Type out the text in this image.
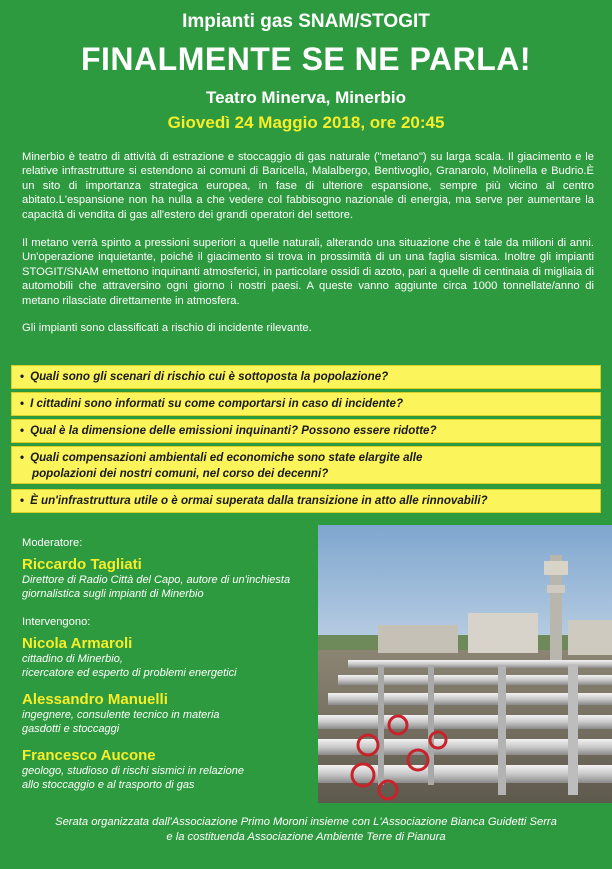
Impianti gas SNAM/STOGIT
FINALMENTE SE NE PARLA!
Teatro Minerva, Minerbio
Giovedì 24 Maggio 2018, ore 20:45

Minerbio è teatro di attività di estrazione e stoccaggio di gas naturale ("metano") su larga scala. Il giacimento e le relative infrastrutture si estendono ai comuni di Baricella, Malalbergo, Bentivoglio, Granarolo, Molinella e Budrio.È un sito di importanza strategica europea, in fase di ulteriore espansione, sempre più vicino al centro abitato.L'espansione non ha nulla a che vedere col fabbisogno nazionale di energia, ma serve per aumentare la capacità di vendita di gas all'estero dei grandi operatori del settore.

Il metano verrà spinto a pressioni superiori a quelle naturali, alterando una situazione che è tale da milioni di anni. Un'operazione inquietante, poiché il giacimento si trova in prossimità di un una faglia sismica. Inoltre gli impianti STOGIT/SNAM emettono inquinanti atmosferici, in particolare ossidi di azoto, pari a quelle di centinaia di migliaia di automobili che attraversino ogni giorno i nostri paesi. A queste vanno aggiunte circa 1000 tonnellate/anno di metano rilasciate direttamente in atmosfera.

Gli impianti sono classificati a rischio di incidente rilevante.

• Quali sono gli scenari di rischio cui è sottoposta la popolazione?
• I cittadini sono informati su come comportarsi in caso di incidente?
• Qual è la dimensione delle emissioni inquinanti? Possono essere ridotte?
• Quali compensazioni ambientali ed economiche sono state elargite alle
popolazioni dei nostri comuni, nel corso dei decenni?
• È un'infrastruttura utile o è ormai superata dalla transizione in atto alle rinnovabili?
Moderatore:
Riccardo Tagliati
Direttore di Radio Città del Capo, autore di un'inchiesta
giornalistica sugli impianti di Minerbio
Intervengono:
Nicola Armaroli
cittadino di Minerbio,
ricercatore ed esperto di problemi energetici
Alessandro Manuelli
ingegnere, consulente tecnico in materia
gasdotti e stoccaggi
Francesco Aucone
geologo, studioso di rischi sismici in relazione
allo stoccaggio e al trasporto di gas
Serata organizzata dall'Associazione Primo Moroni insieme con L'Associazione Bianca Guidetti Serra
e la costituenda Associazione Ambiente Terre di Pianura
